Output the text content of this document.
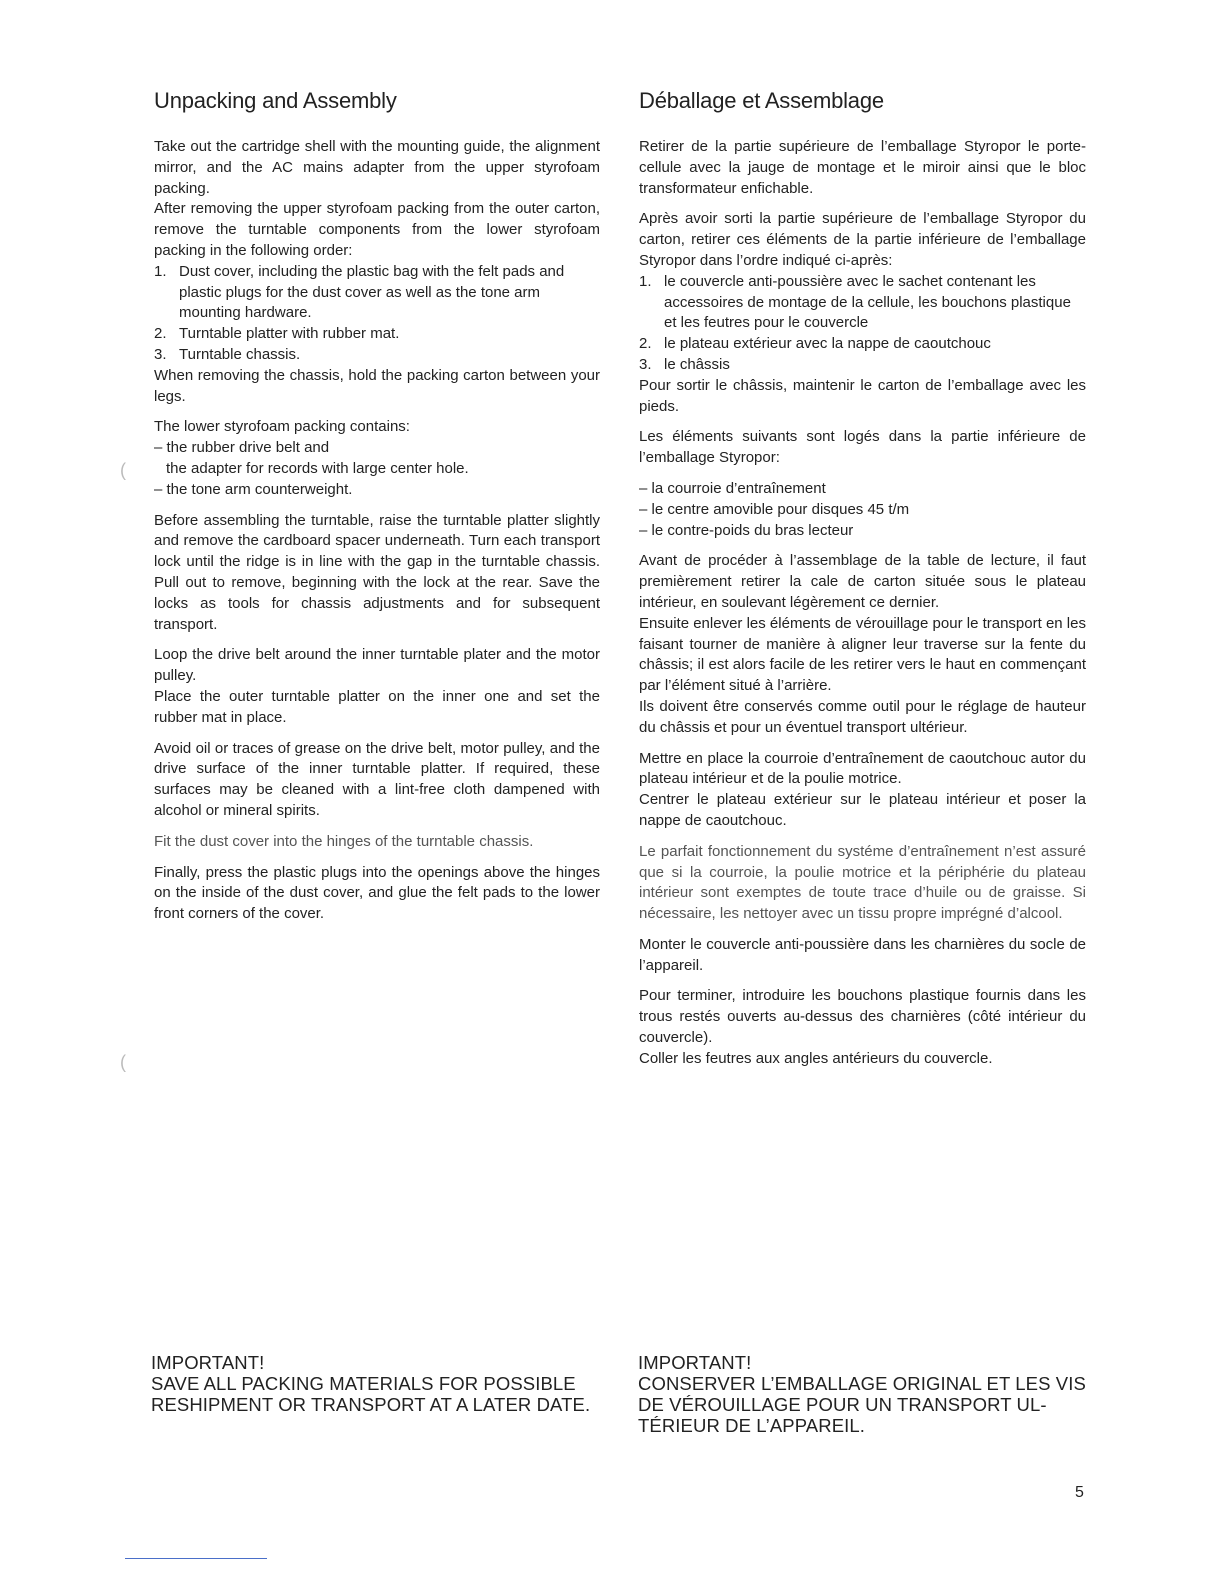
Unpacking and Assembly

Take out the cartridge shell with the mounting guide, the alignment mirror, and the AC mains adapter from the upper styrofoam packing.

After removing the upper styrofoam packing from the outer carton, remove the turntable components from the lower styrofoam packing in the following order:

1. Dust cover, including the plastic bag with the felt pads and plastic plugs for the dust cover as well as the tone arm mounting hardware.
2. Turntable platter with rubber mat.
3. Turntable chassis.

When removing the chassis, hold the packing carton between your legs.

The lower styrofoam packing contains:

– the rubber drive belt and
the adapter for records with large center hole.
– the tone arm counterweight.

Before assembling the turntable, raise the turntable platter slightly and remove the cardboard spacer underneath. Turn each transport lock until the ridge is in line with the gap in the turntable chassis. Pull out to remove, beginning with the lock at the rear. Save the locks as tools for chassis adjustments and for subsequent transport.

Loop the drive belt around the inner turntable plater and the motor pulley.

Place the outer turntable platter on the inner one and set the rubber mat in place.

Avoid oil or traces of grease on the drive belt, motor pulley, and the drive surface of the inner turntable platter. If required, these surfaces may be cleaned with a lint-free cloth dampened with alcohol or mineral spirits.

Fit the dust cover into the hinges of the turntable chassis.

Finally, press the plastic plugs into the openings above the hinges on the inside of the dust cover, and glue the felt pads to the lower front corners of the cover.

Déballage et Assemblage

Retirer de la partie supérieure de l’emballage Styropor le porte-cellule avec la jauge de montage et le miroir ainsi que le bloc transformateur enfichable.

Après avoir sorti la partie supérieure de l’emballage Styropor du carton, retirer ces éléments de la partie inférieure de l’emballage Styropor dans l’ordre indiqué ci-après:

1. le couvercle anti-poussière avec le sachet contenant les accessoires de montage de la cellule, les bouchons plastique et les feutres pour le couvercle
2. le plateau extérieur avec la nappe de caoutchouc
3. le châssis

Pour sortir le châssis, maintenir le carton de l’emballage avec les pieds.

Les éléments suivants sont logés dans la partie inférieure de l’emballage Styropor:

– la courroie d’entraînement
– le centre amovible pour disques 45 t/m
– le contre-poids du bras lecteur

Avant de procéder à l’assemblage de la table de lecture, il faut premièrement retirer la cale de carton située sous le plateau intérieur, en soulevant légèrement ce dernier.

Ensuite enlever les éléments de vérouillage pour le transport en les faisant tourner de manière à aligner leur traverse sur la fente du châssis; il est alors facile de les retirer vers le haut en commençant par l’élément situé à l’arrière.

Ils doivent être conservés comme outil pour le réglage de hauteur du châssis et pour un éventuel transport ultérieur.

Mettre en place la courroie d’entraînement de caoutchouc autor du plateau intérieur et de la poulie motrice.

Centrer le plateau extérieur sur le plateau intérieur et poser la nappe de caoutchouc.

Le parfait fonctionnement du systéme d’entraînement n’est assuré que si la courroie, la poulie motrice et la périphérie du plateau intérieur sont exemptes de toute trace d’huile ou de graisse. Si nécessaire, les nettoyer avec un tissu propre imprégné d’alcool.

Monter le couvercle anti-poussière dans les charnières du socle de l’appareil.

Pour terminer, introduire les bouchons plastique fournis dans les trous restés ouverts au-dessus des charnières (côté intérieur du couvercle).

Coller les feutres aux angles antérieurs du couvercle.

IMPORTANT!
SAVE ALL PACKING MATERIALS FOR POSSIBLE
RESHIPMENT OR TRANSPORT AT A LATER DATE.
IMPORTANT!
CONSERVER L’EMBALLAGE ORIGINAL ET LES VIS
DE VÉROUILLAGE POUR UN TRANSPORT UL-
TÉRIEUR DE L’APPAREIL.
5
(
(
